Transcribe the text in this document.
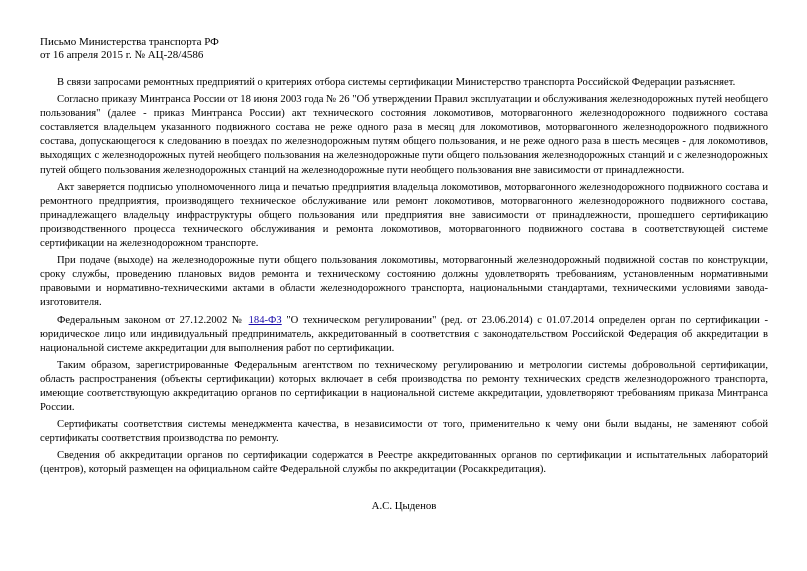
Письмо Министерства транспорта РФ

от 16 апреля 2015 г. № АЦ-28/4586

В связи запросами ремонтных предприятий о критериях отбора системы сертификации Министерство транспорта Российской Федерации разъясняет.

Согласно приказу Минтранса России от 18 июня 2003 года № 26 "Об утверждении Правил эксплуатации и обслуживания железнодорожных путей необщего пользования" (далее - приказ Минтранса России) акт технического состояния локомотивов, моторвагонного железнодорожного подвижного состава составляется владельцем указанного подвижного состава не реже одного раза в месяц для локомотивов, моторвагонного железнодорожного подвижного состава, допускающегося к следованию в поездах по железнодорожным путям общего пользования, и не реже одного раза в шесть месяцев - для локомотивов, выходящих с железнодорожных путей необщего пользования на железнодорожные пути общего пользования железнодорожных станций и с железнодорожных путей общего пользования железнодорожных станций на железнодорожные пути необщего пользования вне зависимости от принадлежности.

Акт заверяется подписью уполномоченного лица и печатью предприятия владельца локомотивов, моторвагонного железнодорожного подвижного состава и ремонтного предприятия, производящего техническое обслуживание или ремонт локомотивов, моторвагонного железнодорожного подвижного состава, принадлежащего владельцу инфраструктуры общего пользования или предприятия вне зависимости от принадлежности, прошедшего сертификацию производственного процесса технического обслуживания и ремонта локомотивов, моторвагонного подвижного состава в соответствующей системе сертификации на железнодорожном транспорте.

При подаче (выходе) на железнодорожные пути общего пользования локомотивы, моторвагонный железнодорожный подвижной состав по конструкции, сроку службы, проведению плановых видов ремонта и техническому состоянию должны удовлетворять требованиям, установленным нормативными правовыми и нормативно-техническими актами в области железнодорожного транспорта, национальными стандартами, техническими условиями завода-изготовителя.

Федеральным законом от 27.12.2002 № 184-ФЗ "О техническом регулировании" (ред. от 23.06.2014) с 01.07.2014 определен орган по сертификации - юридическое лицо или индивидуальный предприниматель, аккредитованный в соответствия с законодательством Российской Федерация об аккредитации в национальной системе аккредитации для выполнения работ по сертификации.

Таким образом, зарегистрированные Федеральным агентством по техническому регулированию и метрологии системы добровольной сертификации, область распространения (объекты сертификации) которых включает в себя производства по ремонту технических средств железнодорожного транспорта, имеющие соответствующую аккредитацию органов по сертификации в национальной системе аккредитации, удовлетворяют требованиям приказа Минтранса России.

Сертификаты соответствия системы менеджмента качества, в независимости от того, применительно к чему они были выданы, не заменяют собой сертификаты соответствия производства по ремонту.

Сведения об аккредитации органов по сертификации содержатся в Реестре аккредитованных органов по сертификации и испытательных лабораторий (центров), который размещен на официальном сайте Федеральной службы по аккредитации (Росаккредитация).

А.С. Цыденов
